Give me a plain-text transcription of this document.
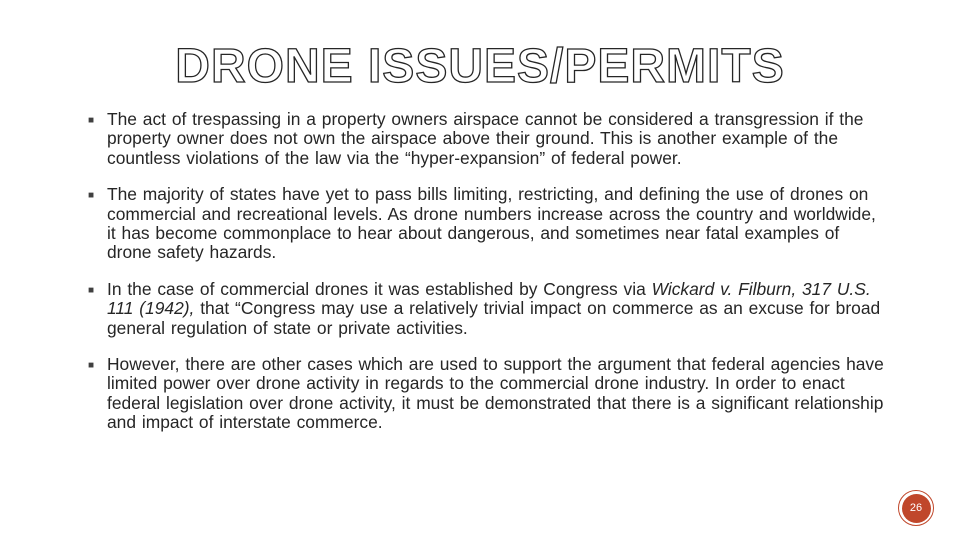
DRONE ISSUES/PERMITS
■ The act of trespassing in a property owners airspace cannot be considered a transgression if the property owner does not own the airspace above their ground. This is another example of the countless violations of the law via the “hyper-expansion” of federal power.
■ The majority of states have yet to pass bills limiting, restricting, and defining the use of drones on commercial and recreational levels. As drone numbers increase across the country and worldwide, it has become commonplace to hear about dangerous, and sometimes near fatal examples of drone safety hazards.
■ In the case of commercial drones it was established by Congress via Wickard v. Filburn, 317 U.S. 111 (1942), that “Congress may use a relatively trivial impact on commerce as an excuse for broad general regulation of state or private activities.
■ However, there are other cases which are used to support the argument that federal agencies have limited power over drone activity in regards to the commercial drone industry. In order to enact federal legislation over drone activity, it must be demonstrated that there is a significant relationship and impact of interstate commerce.
26
